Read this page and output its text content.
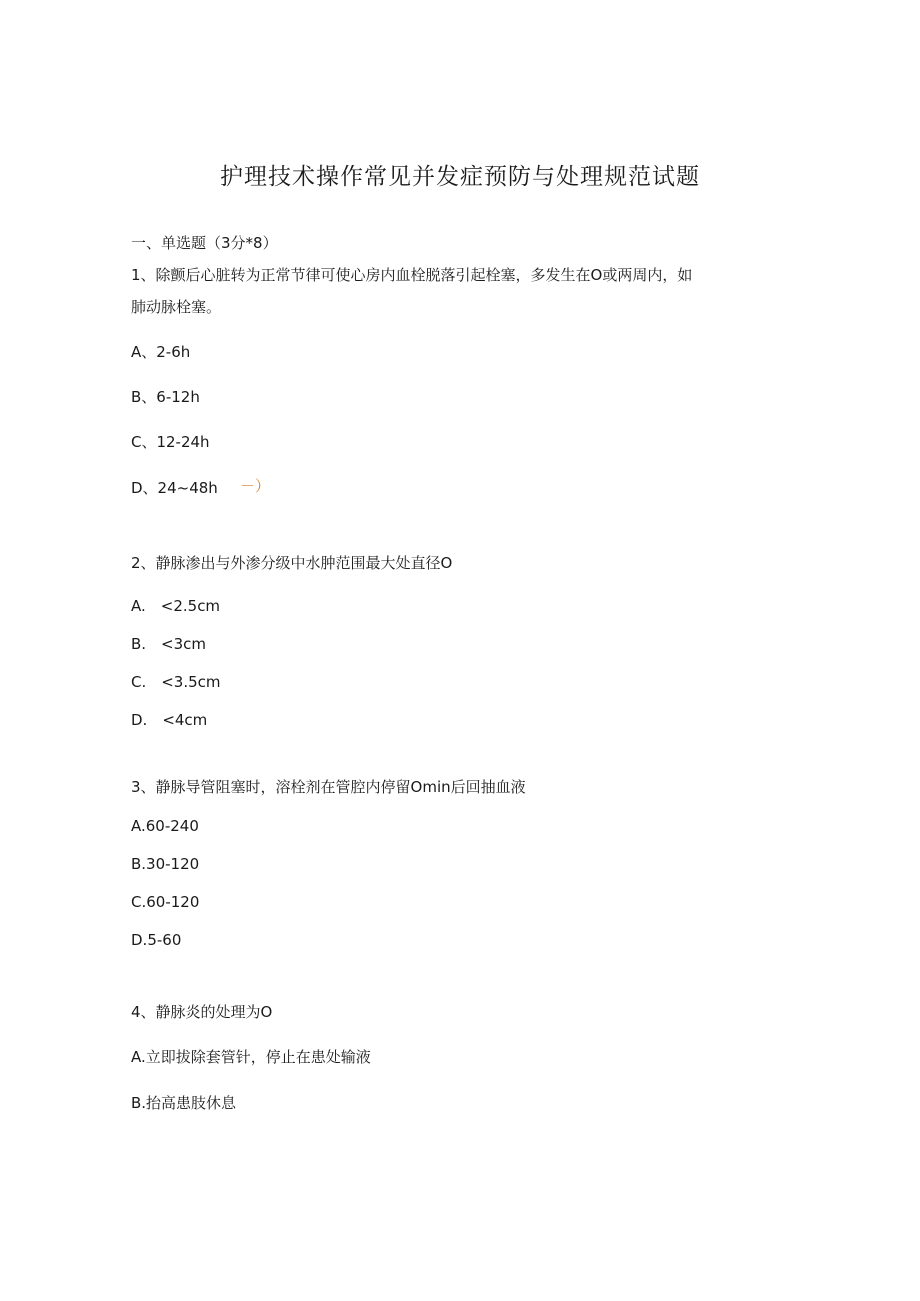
护理技术操作常见并发症预防与处理规范试题
一、单选题（3分*8）
1、除颤后心脏转为正常节律可使心房内血栓脱落引起栓塞，多发生在O或两周内，如
肺动脉栓塞。
A、2-6h
B、6-12h
C、12-24h
D、24~48h －）
2、静脉渗出与外渗分级中水肿范围最大处直径O
A.　<2.5cm
B.　<3cm
C.　<3.5cm
D.　<4cm
3、静脉导管阻塞时，溶栓剂在管腔内停留Omin后回抽血液
A.60-240
B.30-120
C.60-120
D.5-60
4、静脉炎的处理为O
A.立即拔除套管针，停止在患处输液
B.抬高患肢休息
